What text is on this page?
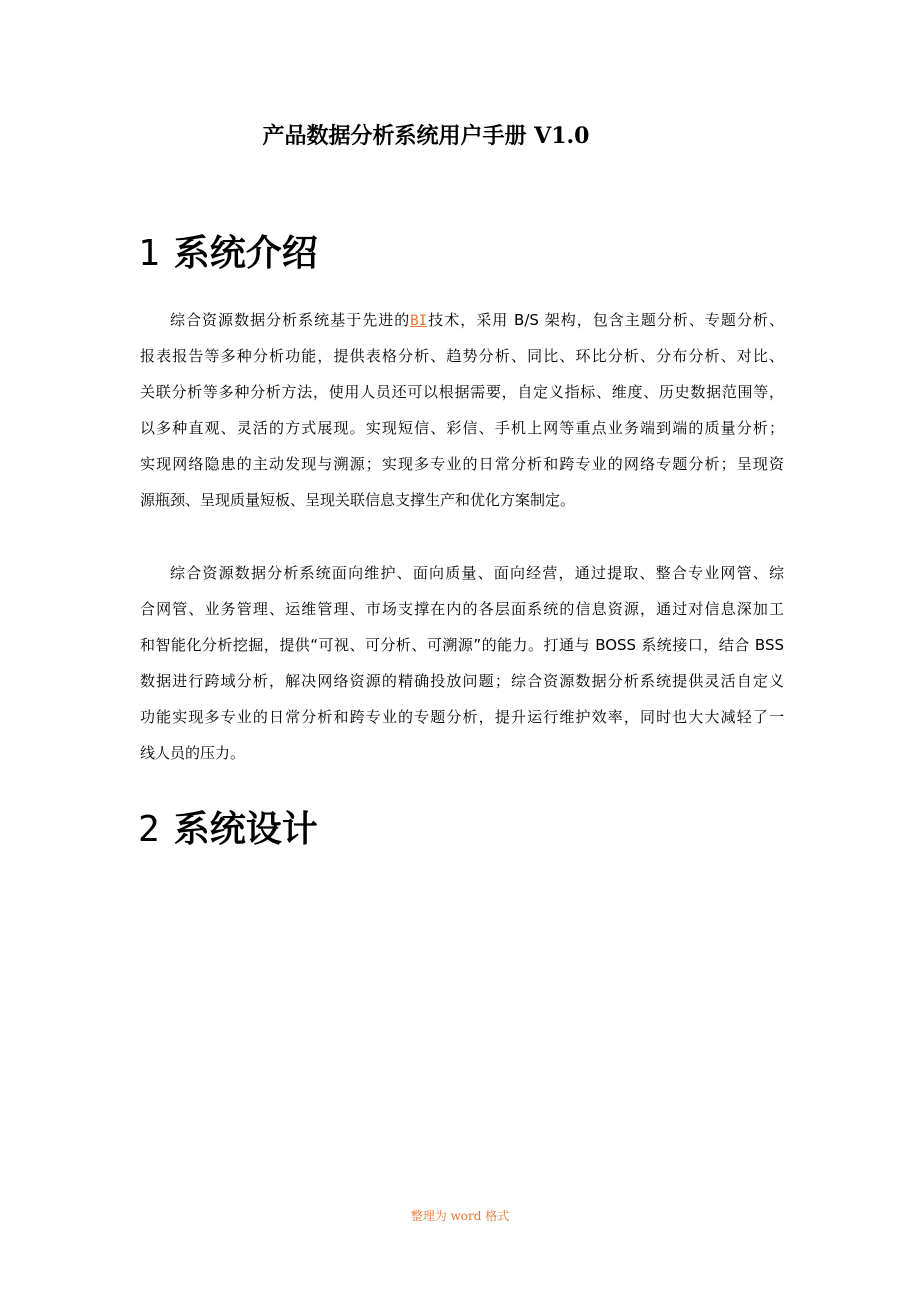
产品数据分析系统用户手册 V1.0
1 系统介绍
综合资源数据分析系统基于先进的BI技术，采用 B/S 架构，包含主题分析、专题分析、
报表报告等多种分析功能，提供表格分析、趋势分析、同比、环比分析、分布分析、对比、
关联分析等多种分析方法，使用人员还可以根据需要，自定义指标、维度、历史数据范围等，
以多种直观、灵活的方式展现。实现短信、彩信、手机上网等重点业务端到端的质量分析；
实现网络隐患的主动发现与溯源；实现多专业的日常分析和跨专业的网络专题分析；呈现资
源瓶颈、呈现质量短板、呈现关联信息支撑生产和优化方案制定。
综合资源数据分析系统面向维护、面向质量、面向经营，通过提取、整合专业网管、综
合网管、业务管理、运维管理、市场支撑在内的各层面系统的信息资源，通过对信息深加工
和智能化分析挖掘，提供“可视、可分析、可溯源”的能力。打通与 BOSS 系统接口，结合 BSS
数据进行跨域分析，解决网络资源的精确投放问题；综合资源数据分析系统提供灵活自定义
功能实现多专业的日常分析和跨专业的专题分析，提升运行维护效率，同时也大大减轻了一
线人员的压力。
2 系统设计
整理为 word 格式
